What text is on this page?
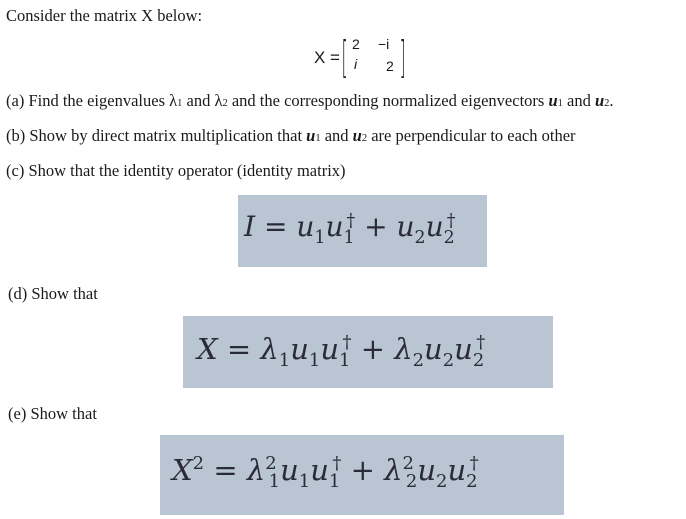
Consider the matrix X below:
X = [ 2 −i
i 2 ]
(a) Find the eigenvalues λ1 and λ2 and the corresponding normalized eigenvectors u1 and u2.
(b) Show by direct matrix multiplication that u1 and u2 are perpendicular to each other
(c) Show that the identity operator (identity matrix)
$I = u_1u_1^\dagger + u_2u_2^\dagger$
(d) Show that
$X = \lambda_1u_1u_1^\dagger + \lambda_2u_2u_2^\dagger$
(e) Show that
$X^2 = \lambda^2_1u_1u_1^\dagger + \lambda^2_2u_2u_2^\dagger$
